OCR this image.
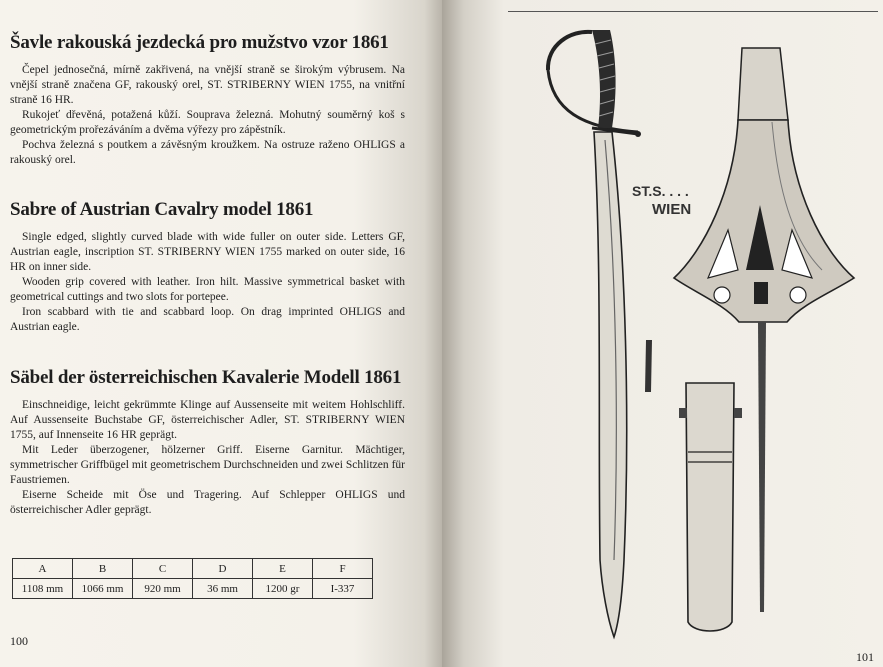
Šavle rakouská jezdecká pro mužstvo vzor 1861

Čepel jednosečná, mírně zakřivená, na vnější straně se širokým výbrusem. Na vnější straně značena GF, rakouský orel, ST. STRIBERNY WIEN 1755, na vnitřní straně 16 HR.

Rukojeť dřevěná, potažená kůží. Souprava železná. Mohutný souměrný koš s geometrickým prořezáváním a dvěma výřezy pro zápěstník.

Pochva železná s poutkem a závěsným kroužkem. Na ostruze raženo OHLIGS a rakouský orel.

Sabre of Austrian Cavalry model 1861

Single edged, slightly curved blade with wide fuller on outer side. Letters GF, Austrian eagle, inscription ST. STRIBERNY WIEN 1755 marked on outer side, 16 HR on inner side.

Wooden grip covered with leather. Iron hilt. Massive symmetrical basket with geometrical cuttings and two slots for portepee.

Iron scabbard with tie and scabbard loop. On drag imprinted OHLIGS and Austrian eagle.

Säbel der österreichischen Kavalerie Modell 1861

Einschneidige, leicht gekrümmte Klinge auf Aussenseite mit weitem Hohlschliff. Auf Aussenseite Buchstabe GF, österreichischer Adler, ST. STRIBERNY WIEN 1755, auf Innenseite 16 HR geprägt.

Mit Leder überzogener, hölzerner Griff. Eiserne Garnitur. Mächtiger, symmetrischer Griffbügel mit geometrischem Durchschneiden und zwei Schlitzen für Faustriemen.

Eiserne Scheide mit Öse und Tragering. Auf Schlepper OHLIGS und österreichischer Adler geprägt.

A	B	C	D	E	F
1108 mm	1066 mm	920 mm	36 mm	1200 gr	I-337
100
ST.S. . . .
WIEN
101
